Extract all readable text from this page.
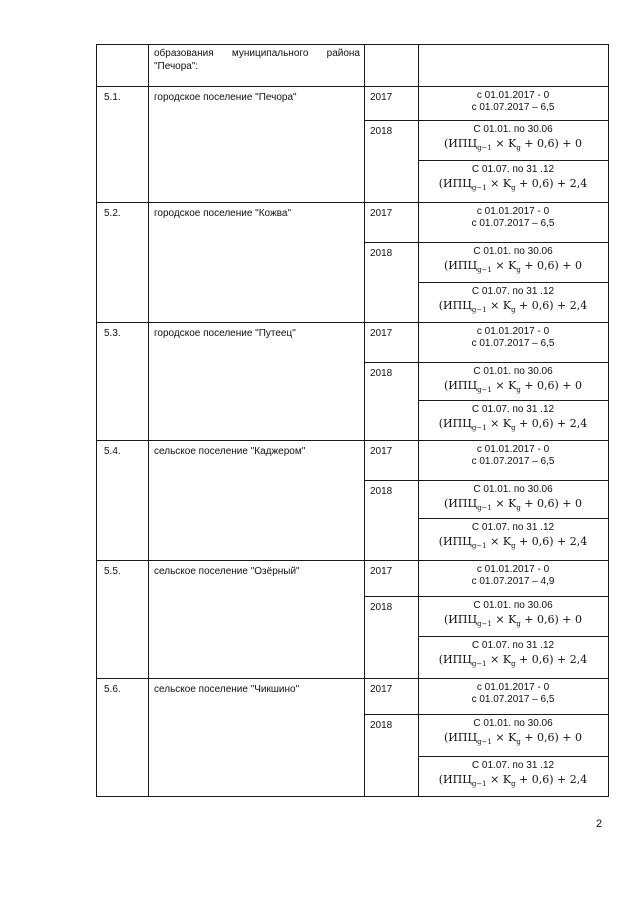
образования муниципального района
"Печора":
5.1.	городское поселение "Печора"	2017	с 01.01.2017 - 0
с 01.07.2017 – 6,5
2018	С 01.01. по 30.06
$(ИПЦ_{g-1} \times K_g + 0,6) + 0$
С 01.07. по 31 .12
$(ИПЦ_{g-1} \times K_g + 0,6) + 2,4$
5.2.	городское поселение "Кожва"	2017	с 01.01.2017 - 0
с 01.07.2017 – 6,5
2018	С 01.01. по 30.06
$(ИПЦ_{g-1} \times K_g + 0,6) + 0$
С 01.07. по 31 .12
$(ИПЦ_{g-1} \times K_g + 0,6) + 2,4$
5.3.	городское поселение "Путеец"	2017	с 01.01.2017 - 0
с 01.07.2017 – 6,5
2018	С 01.01. по 30.06
$(ИПЦ_{g-1} \times K_g + 0,6) + 0$
С 01.07. по 31 .12
$(ИПЦ_{g-1} \times K_g + 0,6) + 2,4$
5.4.	сельское поселение "Каджером"	2017	с 01.01.2017 - 0
с 01.07.2017 – 6,5
2018	С 01.01. по 30.06
$(ИПЦ_{g-1} \times K_g + 0,6) + 0$
С 01.07. по 31 .12
$(ИПЦ_{g-1} \times K_g + 0,6) + 2,4$
5.5.	сельское поселение "Озёрный"	2017	с 01.01.2017 - 0
с 01.07.2017 – 4,9
2018	С 01.01. по 30.06
$(ИПЦ_{g-1} \times K_g + 0,6) + 0$
С 01.07. по 31 .12
$(ИПЦ_{g-1} \times K_g + 0,6) + 2,4$
5.6.	сельское поселение "Чикшино"	2017	с 01.01.2017 - 0
с 01.07.2017 – 6,5
2018	С 01.01. по 30.06
$(ИПЦ_{g-1} \times K_g + 0,6) + 0$
С 01.07. по 31 .12
$(ИПЦ_{g-1} \times K_g + 0,6) + 2,4$
2
